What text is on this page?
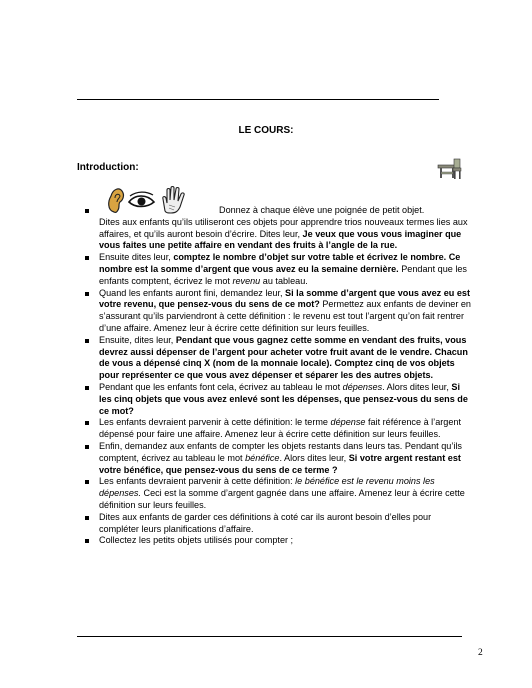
LE COURS:
Introduction:
Donnez à chaque élève une poignée de petit objet.
Dites aux enfants qu’ils utiliseront ces objets pour apprendre trios nouveaux termes lies aux affaires, et qu’ils auront besoin d’écrire. Dites leur, Je veux que vous vous imaginer que vous faites une petite affaire en vendant des fruits à l’angle de la rue.
Ensuite dites leur, comptez le nombre d’objet sur votre table et écrivez le nombre. Ce nombre est la somme d’argent que vous avez eu la semaine dernière. Pendant que les enfants comptent, écrivez le mot revenu au tableau.
Quand les enfants auront fini, demandez leur, Si la somme d’argent que vous avez eu est votre revenu, que pensez-vous du sens de ce mot? Permettez aux enfants de deviner en s’assurant qu’ils parviendront à cette définition : le revenu est tout l’argent qu’on fait rentrer d’une affaire. Amenez leur à écrire cette définition sur leurs feuilles.
Ensuite, dites leur, Pendant que vous gagnez cette somme en vendant des fruits, vous devrez aussi dépenser de l’argent pour acheter votre fruit avant de le vendre. Chacun de vous a dépensé cinq X (nom de la monnaie locale). Comptez cinq de vos objets pour représenter ce que vous avez dépenser et séparer les des autres objets.
Pendant que les enfants font cela, écrivez au tableau le mot dépenses. Alors dites leur, Si les cinq objets que vous avez enlevé sont les dépenses, que pensez-vous du sens de ce mot?
Les enfants devraient parvenir à cette définition: le terme dépense fait référence à l’argent dépensé pour faire une affaire. Amenez leur à écrire cette définition sur leurs feuilles.
Enfin, demandez aux enfants de compter les objets restants dans leurs tas. Pendant qu’ils comptent, écrivez au tableau le mot bénéfice. Alors dites leur, Si votre argent restant est votre bénéfice, que pensez-vous du sens de ce terme ?
Les enfants devraient parvenir à cette définition: le bénéfice est le revenu moins les dépenses. Ceci est la somme d’argent gagnée dans une affaire. Amenez leur à écrire cette définition sur leurs feuilles.
Dites aux enfants de garder ces définitions à coté car ils auront besoin d’elles pour compléter leurs planifications d’affaire.
Collectez les petits objets utilisés pour compter ;
2
